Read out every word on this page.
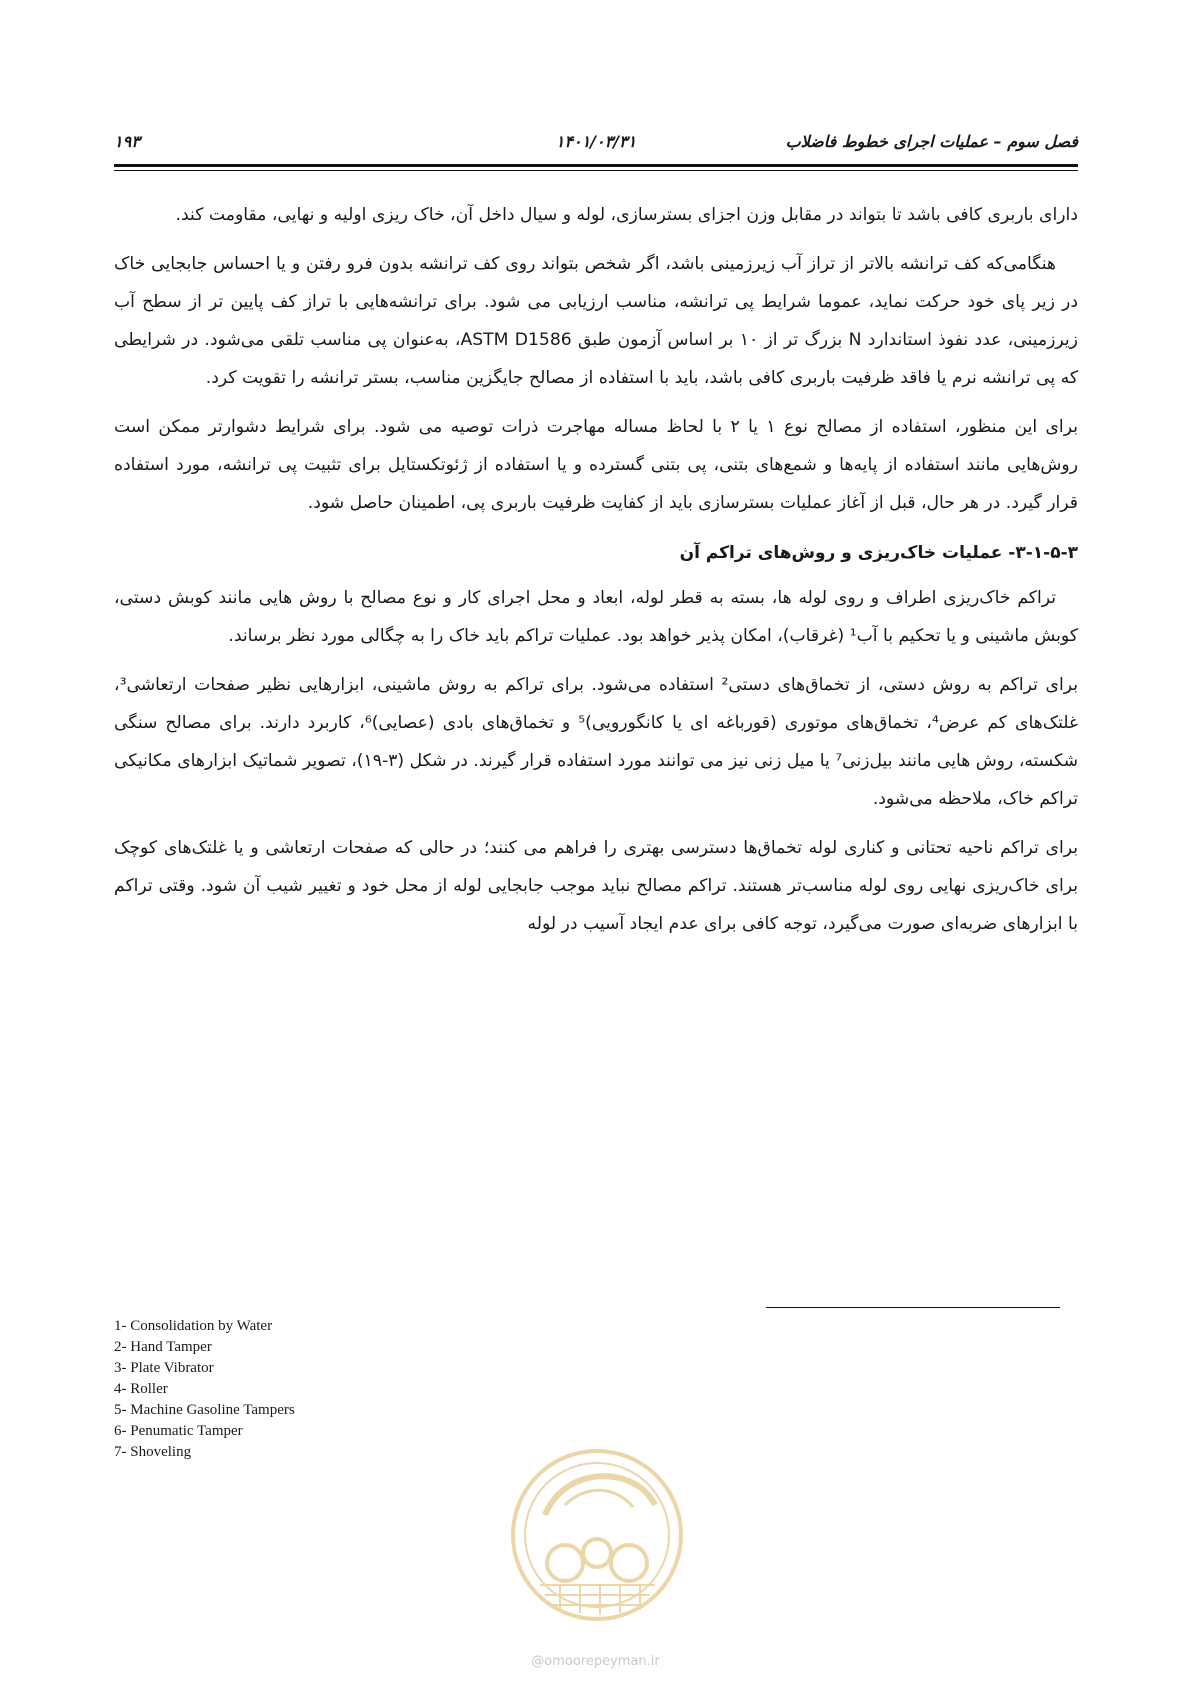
فصل سوم – عملیات اجرای خطوط فاضلاب
۱۴۰۱/۰۳/۳۱
۱۹۳

دارای باربری کافی باشد تا بتواند در مقابل وزن اجزای بسترسازی، لوله و سیال داخل آن، خاک ریزی اولیه و نهایی، مقاومت کند.

هنگامی‌که کف ترانشه بالاتر از تراز آب زیرزمینی باشد، اگر شخص بتواند روی کف ترانشه بدون فرو رفتن و یا احساس جابجایی خاک در زیر پای خود حرکت نماید، عموما شرایط پی ترانشه، مناسب ارزیابی می شود. برای ترانشه‌هایی با تراز کف پایین تر از سطح آب زیرزمینی، عدد نفوذ استاندارد N بزرگ تر از ۱۰ بر اساس آزمون طبق ASTM D1586، به‌عنوان پی مناسب تلقی می‌شود. در شرایطی که پی ترانشه نرم یا فاقد ظرفیت باربری کافی باشد، باید با استفاده از مصالح جایگزین مناسب، بستر ترانشه را تقویت کرد.

برای این منظور، استفاده از مصالح نوع ۱ یا ۲ با لحاظ مساله مهاجرت ذرات توصیه می شود. برای شرایط دشوارتر ممکن است روش‌هایی مانند استفاده از پایه‌ها و شمع‌های بتنی، پی بتنی گسترده و یا استفاده از ژئوتکستایل برای تثبیت پی ترانشه، مورد استفاده قرار گیرد. در هر حال، قبل از آغاز عملیات بسترسازی باید از کفایت ظرفیت باربری پی، اطمینان حاصل شود.

۳-۱-۵-۳- عملیات خاک‌ریزی و روش‌های تراکم آن

تراکم خاک‌ریزی اطراف و روی لوله ها، بسته به قطر لوله، ابعاد و محل اجرای کار و نوع مصالح با روش هایی مانند کوبش دستی، کوبش ماشینی و یا تحکیم با آب¹ (غرقاب)، امکان پذیر خواهد بود. عملیات تراکم باید خاک را به چگالی مورد نظر برساند.

برای تراکم به روش دستی، از تخماق‌های دستی² استفاده می‌شود. برای تراکم به روش ماشینی، ابزارهایی نظیر صفحات ارتعاشی³، غلتک‌های کم عرض⁴، تخماق‌های موتوری (قورباغه ای یا کانگورویی)⁵ و تخماق‌های بادی (عصایی)⁶، کاربرد دارند. برای مصالح سنگی شکسته، روش هایی مانند بیل‌زنی⁷ یا میل زنی نیز می توانند مورد استفاده قرار گیرند. در شکل (۳-۱۹)، تصویر شماتیک ابزارهای مکانیکی تراکم خاک، ملاحظه می‌شود.

برای تراکم ناحیه تحتانی و کناری لوله تخماق‌ها دسترسی بهتری را فراهم می کنند؛ در حالی که صفحات ارتعاشی و یا غلتک‌های کوچک برای خاک‌ریزی نهایی روی لوله مناسب‌تر هستند. تراکم مصالح نباید موجب جابجایی لوله از محل خود و تغییر شیب آن شود. وقتی تراکم با ابزارهای ضربه‌ای صورت می‌گیرد، توجه کافی برای عدم ایجاد آسیب در لوله

1- Consolidation by Water
2- Hand Tamper
3- Plate Vibrator
4- Roller
5- Machine Gasoline Tampers
6- Penumatic Tamper
7- Shoveling
@omoorepeyman.ir
